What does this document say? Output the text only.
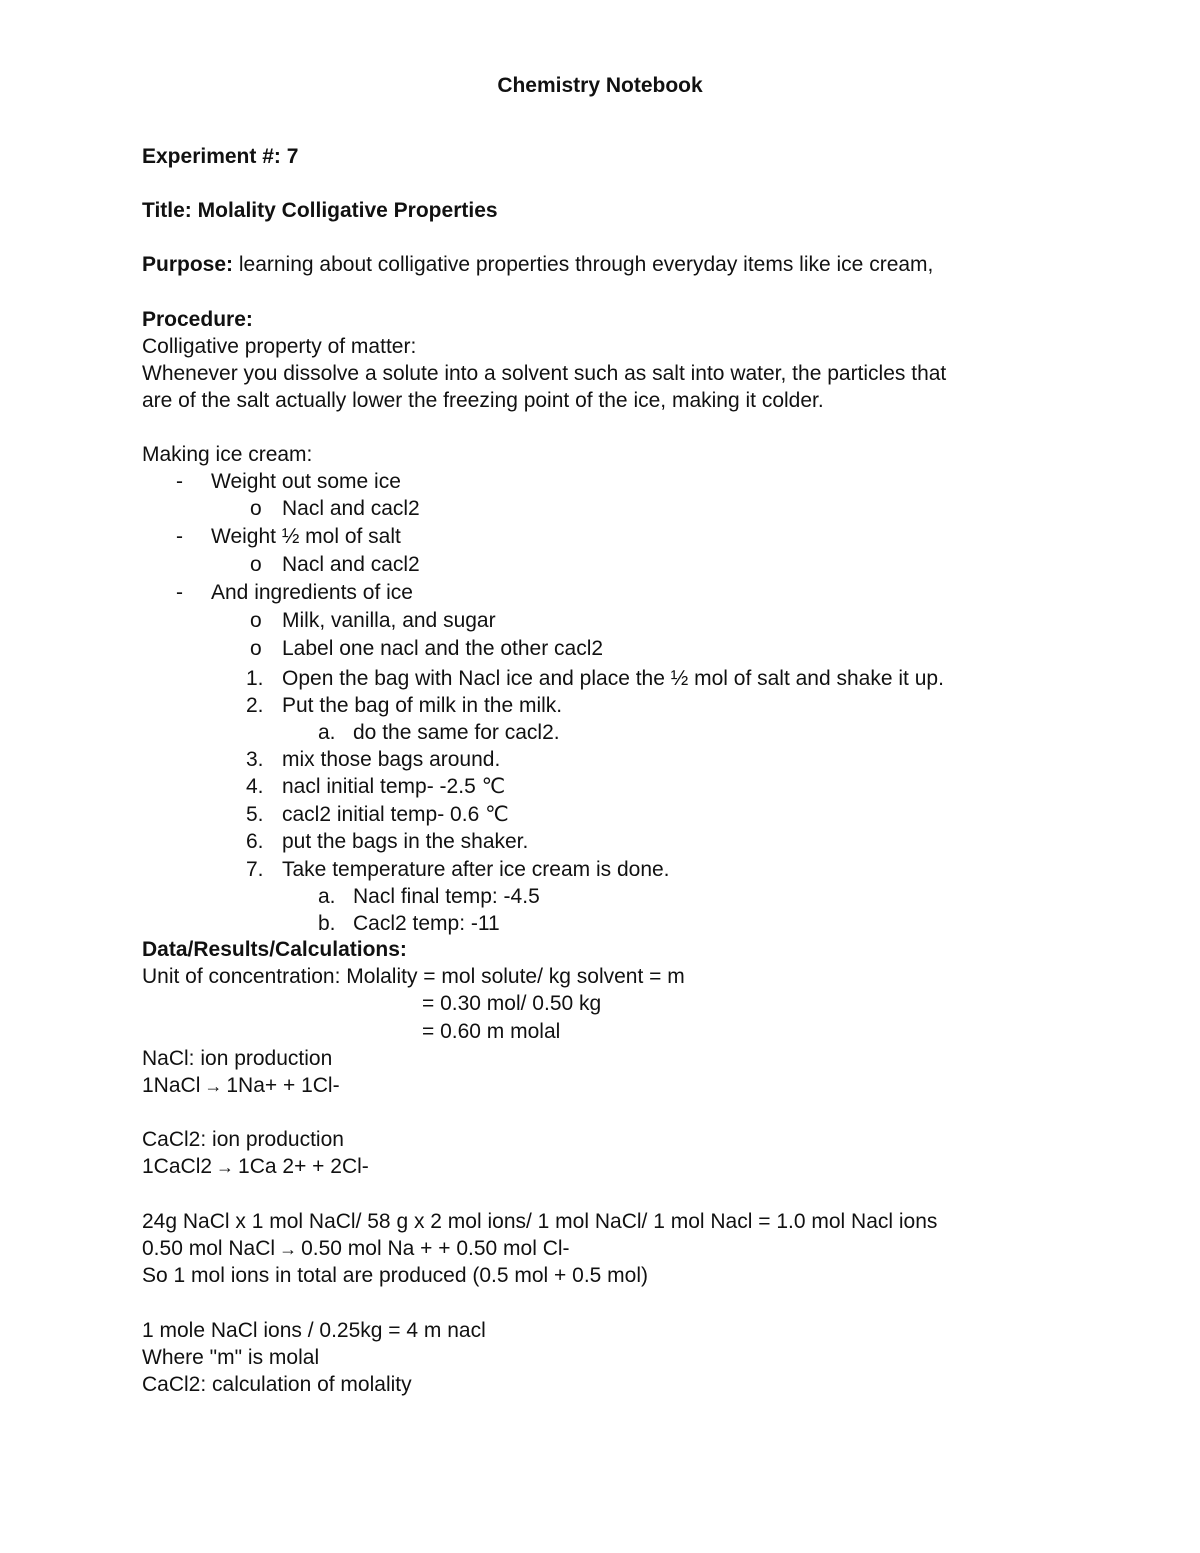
Chemistry Notebook
Experiment #: 7
Title: Molality Colligative Properties
Purpose: learning about colligative properties through everyday items like ice cream,
Procedure:
Colligative property of matter:
Whenever you dissolve a solute into a solvent such as salt into water, the particles that
are of the salt actually lower the freezing point of the ice, making it colder.
Making ice cream:
- Weight out some ice
o Nacl and cacl2
- Weight ½ mol of salt
o Nacl and cacl2
- And ingredients of ice
o Milk, vanilla, and sugar
o Label one nacl and the other cacl2
1. Open the bag with Nacl ice and place the ½ mol of salt and shake it up.
2. Put the bag of milk in the milk.
a. do the same for cacl2.
3. mix those bags around.
4. nacl initial temp- -2.5 ℃
5. cacl2 initial temp- 0.6 ℃
6. put the bags in the shaker.
7. Take temperature after ice cream is done.
a. Nacl final temp: -4.5
b. Cacl2 temp: -11
Data/Results/Calculations:
Unit of concentration: Molality = mol solute/ kg solvent = m
= 0.30 mol/ 0.50 kg
= 0.60 m molal
NaCl: ion production
1NaCl → 1Na+ + 1Cl-
CaCl2: ion production
1CaCl2 → 1Ca 2+ + 2Cl-
24g NaCl x 1 mol NaCl/ 58 g x 2 mol ions/ 1 mol NaCl/ 1 mol Nacl = 1.0 mol Nacl ions
0.50 mol NaCl → 0.50 mol Na + + 0.50 mol Cl-
So 1 mol ions in total are produced (0.5 mol + 0.5 mol)
1 mole NaCl ions / 0.25kg = 4 m nacl
Where "m" is molal
CaCl2: calculation of molality
